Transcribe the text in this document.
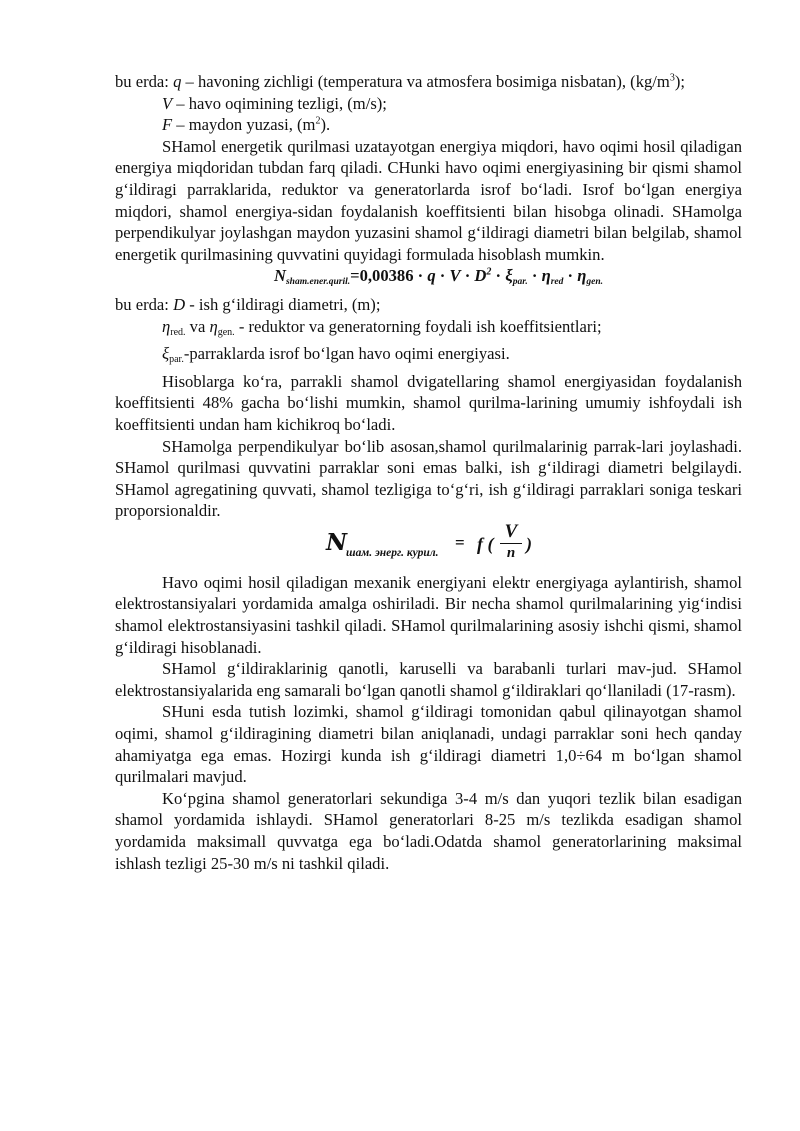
bu erda: q – havoning zichligi (temperatura va atmosfera bosimiga nisbatan), $(kg/m^3)$;

V – havo oqimining tezligi, (m/s);

F – maydon yuzasi, $(m^2)$.

SHamol energetik qurilmasi uzatayotgan energiya miqdori, havo oqimi hosil qiladigan energiya miqdoridan tubdan farq qiladi. CHunki havo oqimi energiyasining bir qismi shamol g‘ildiragi parraklarida, reduktor va generatorlarda isrof bo‘ladi. Isrof bo‘lgan energiya miqdori, shamol energiya-sidan foydalanish koeffitsienti bilan hisobga olinadi. SHamolga perpendikulyar joylashgan maydon yuzasini shamol g‘ildiragi diametri bilan belgilab, shamol energetik qurilmasining quvvatini quyidagi formulada hisoblash mumkin.

$N_{sham.ener.quril.}=0,00386 \cdot q \cdot V \cdot D^2 \cdot \xi_{par.} \cdot \eta_{red} \cdot \eta_{gen.}$

bu erda: D - ish g‘ildiragi diametri, (m);

ηred. va ηgen. - reduktor va generatorning foydali ish koeffitsientlari;

ξpar.-parraklarda isrof bo‘lgan havo oqimi energiyasi.

Hisoblarga ko‘ra, parrakli shamol dvigatellaring shamol energiyasidan foydalanish koeffitsienti 48% gacha bo‘lishi mumkin, shamol qurilma-larining umumiy ishfoydali ish koeffitsienti undan ham kichikroq bo‘ladi.

SHamolga perpendikulyar bo‘lib asosan,shamol qurilmalarinig parrak-lari joylashadi. SHamol qurilmasi quvvatini parraklar soni emas balki, ish g‘ildiragi diametri belgilaydi. SHamol agregatining quvvati, shamol tezligiga to‘g‘ri, ish g‘ildiragi parraklari soniga teskari proporsionaldir.

N
шам. энерг. курил.
= f (
V
n )

Havo oqimi hosil qiladigan mexanik energiyani elektr energiyaga aylantirish, shamol elektrostansiyalari yordamida amalga oshiriladi. Bir necha shamol qurilmalarining yig‘indisi shamol elektrostansiyasini tashkil qiladi. SHamol qurilmalarining asosiy ishchi qismi, shamol g‘ildiragi hisoblanadi.

SHamol g‘ildiraklarinig qanotli, karuselli va barabanli turlari mav-jud. SHamol elektrostansiyalarida eng samarali bo‘lgan qanotli shamol g‘ildiraklari qo‘llaniladi (17-rasm).

SHuni esda tutish lozimki, shamol g‘ildiragi tomonidan qabul qilinayotgan shamol oqimi, shamol g‘ildiragining diametri bilan aniqlanadi, undagi parraklar soni hech qanday ahamiyatga ega emas. Hozirgi kunda ish g‘ildiragi diametri 1,0÷64 m bo‘lgan shamol qurilmalari mavjud.

Ko‘pgina shamol generatorlari sekundiga 3-4 m/s dan yuqori tezlik bilan esadigan shamol yordamida ishlaydi. SHamol generatorlari 8-25 m/s tezlikda esadigan shamol yordamida maksimall quvvatga ega bo‘ladi.Odatda shamol generatorlarining maksimal ishlash tezligi 25-30 m/s ni tashkil qiladi.
